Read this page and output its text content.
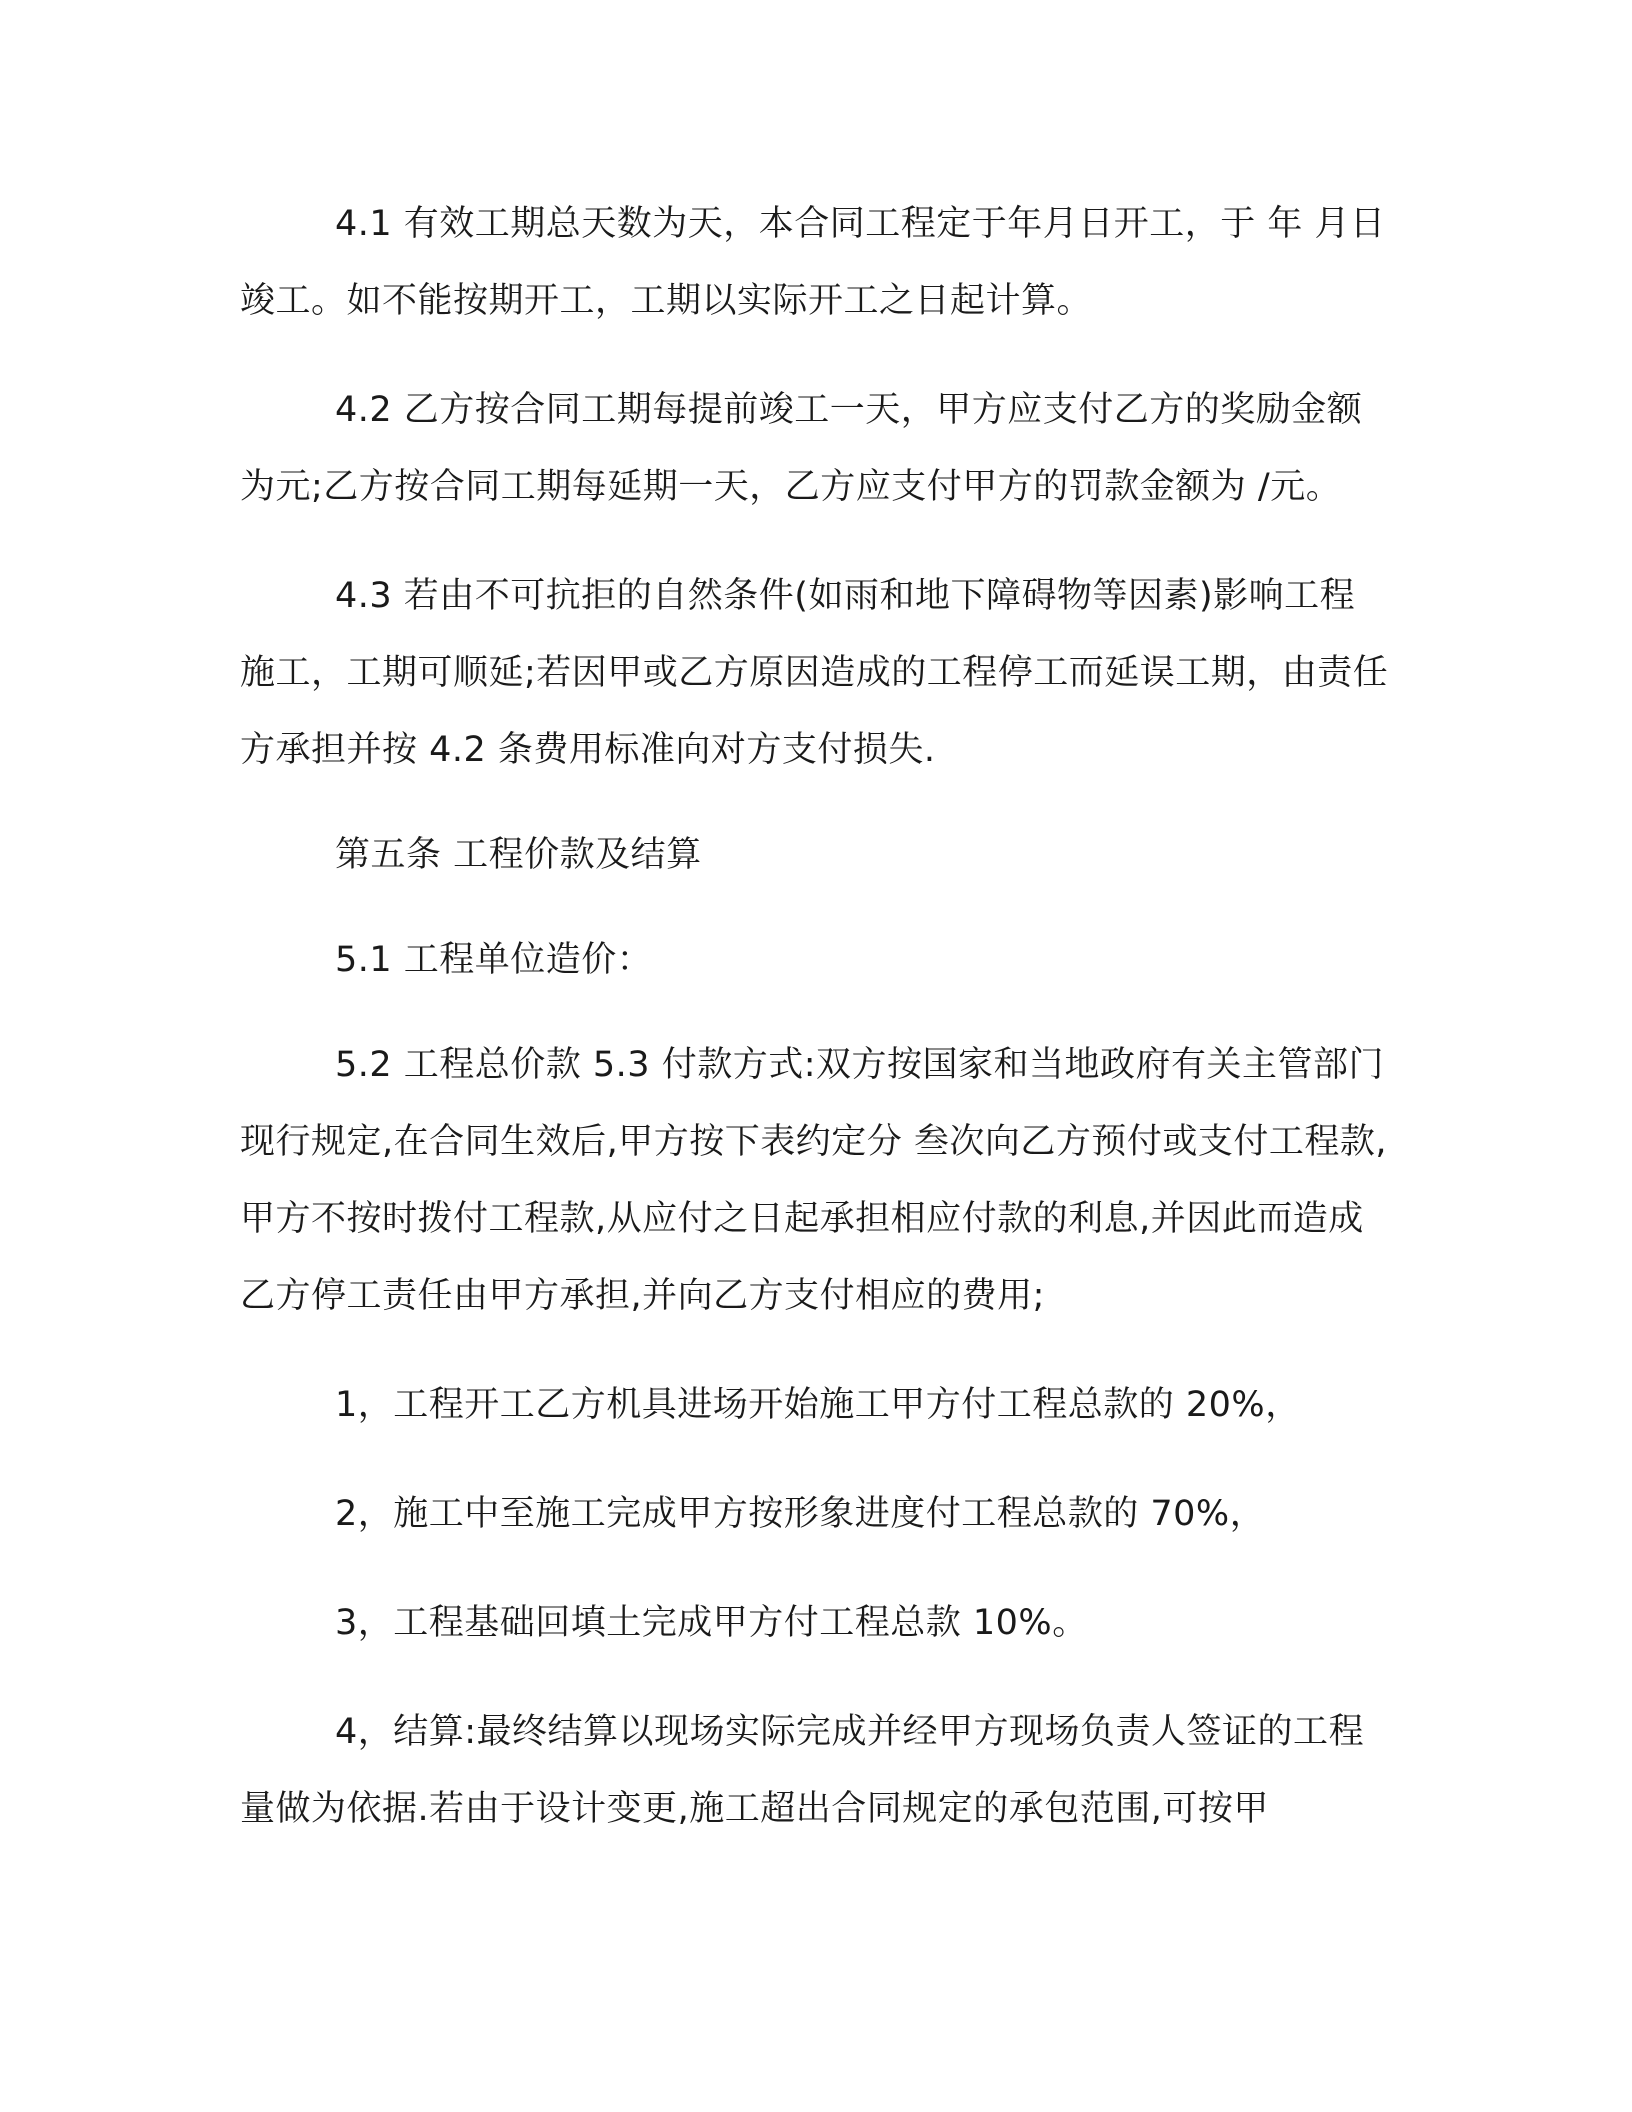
4.1 有效工期总天数为天，本合同工程定于年月日开工，于 年 月日竣工。如不能按期开工，工期以实际开工之日起计算。

4.2 乙方按合同工期每提前竣工一天，甲方应支付乙方的奖励金额为元;乙方按合同工期每延期一天，乙方应支付甲方的罚款金额为 /元。

4.3 若由不可抗拒的自然条件(如雨和地下障碍物等因素)影响工程施工，工期可顺延;若因甲或乙方原因造成的工程停工而延误工期，由责任方承担并按 4.2 条费用标准向对方支付损失.

第五条 工程价款及结算

5.1 工程单位造价：

5.2 工程总价款 5.3 付款方式:双方按国家和当地政府有关主管部门现行规定,在合同生效后,甲方按下表约定分 叁次向乙方预付或支付工程款,甲方不按时拨付工程款,从应付之日起承担相应付款的利息,并因此而造成乙方停工责任由甲方承担,并向乙方支付相应的费用;

1，工程开工乙方机具进场开始施工甲方付工程总款的 20%，

2，施工中至施工完成甲方按形象进度付工程总款的 70%，

3，工程基础回填土完成甲方付工程总款 10%。

4，结算:最终结算以现场实际完成并经甲方现场负责人签证的工程量做为依据.若由于设计变更,施工超出合同规定的承包范围,可按甲
